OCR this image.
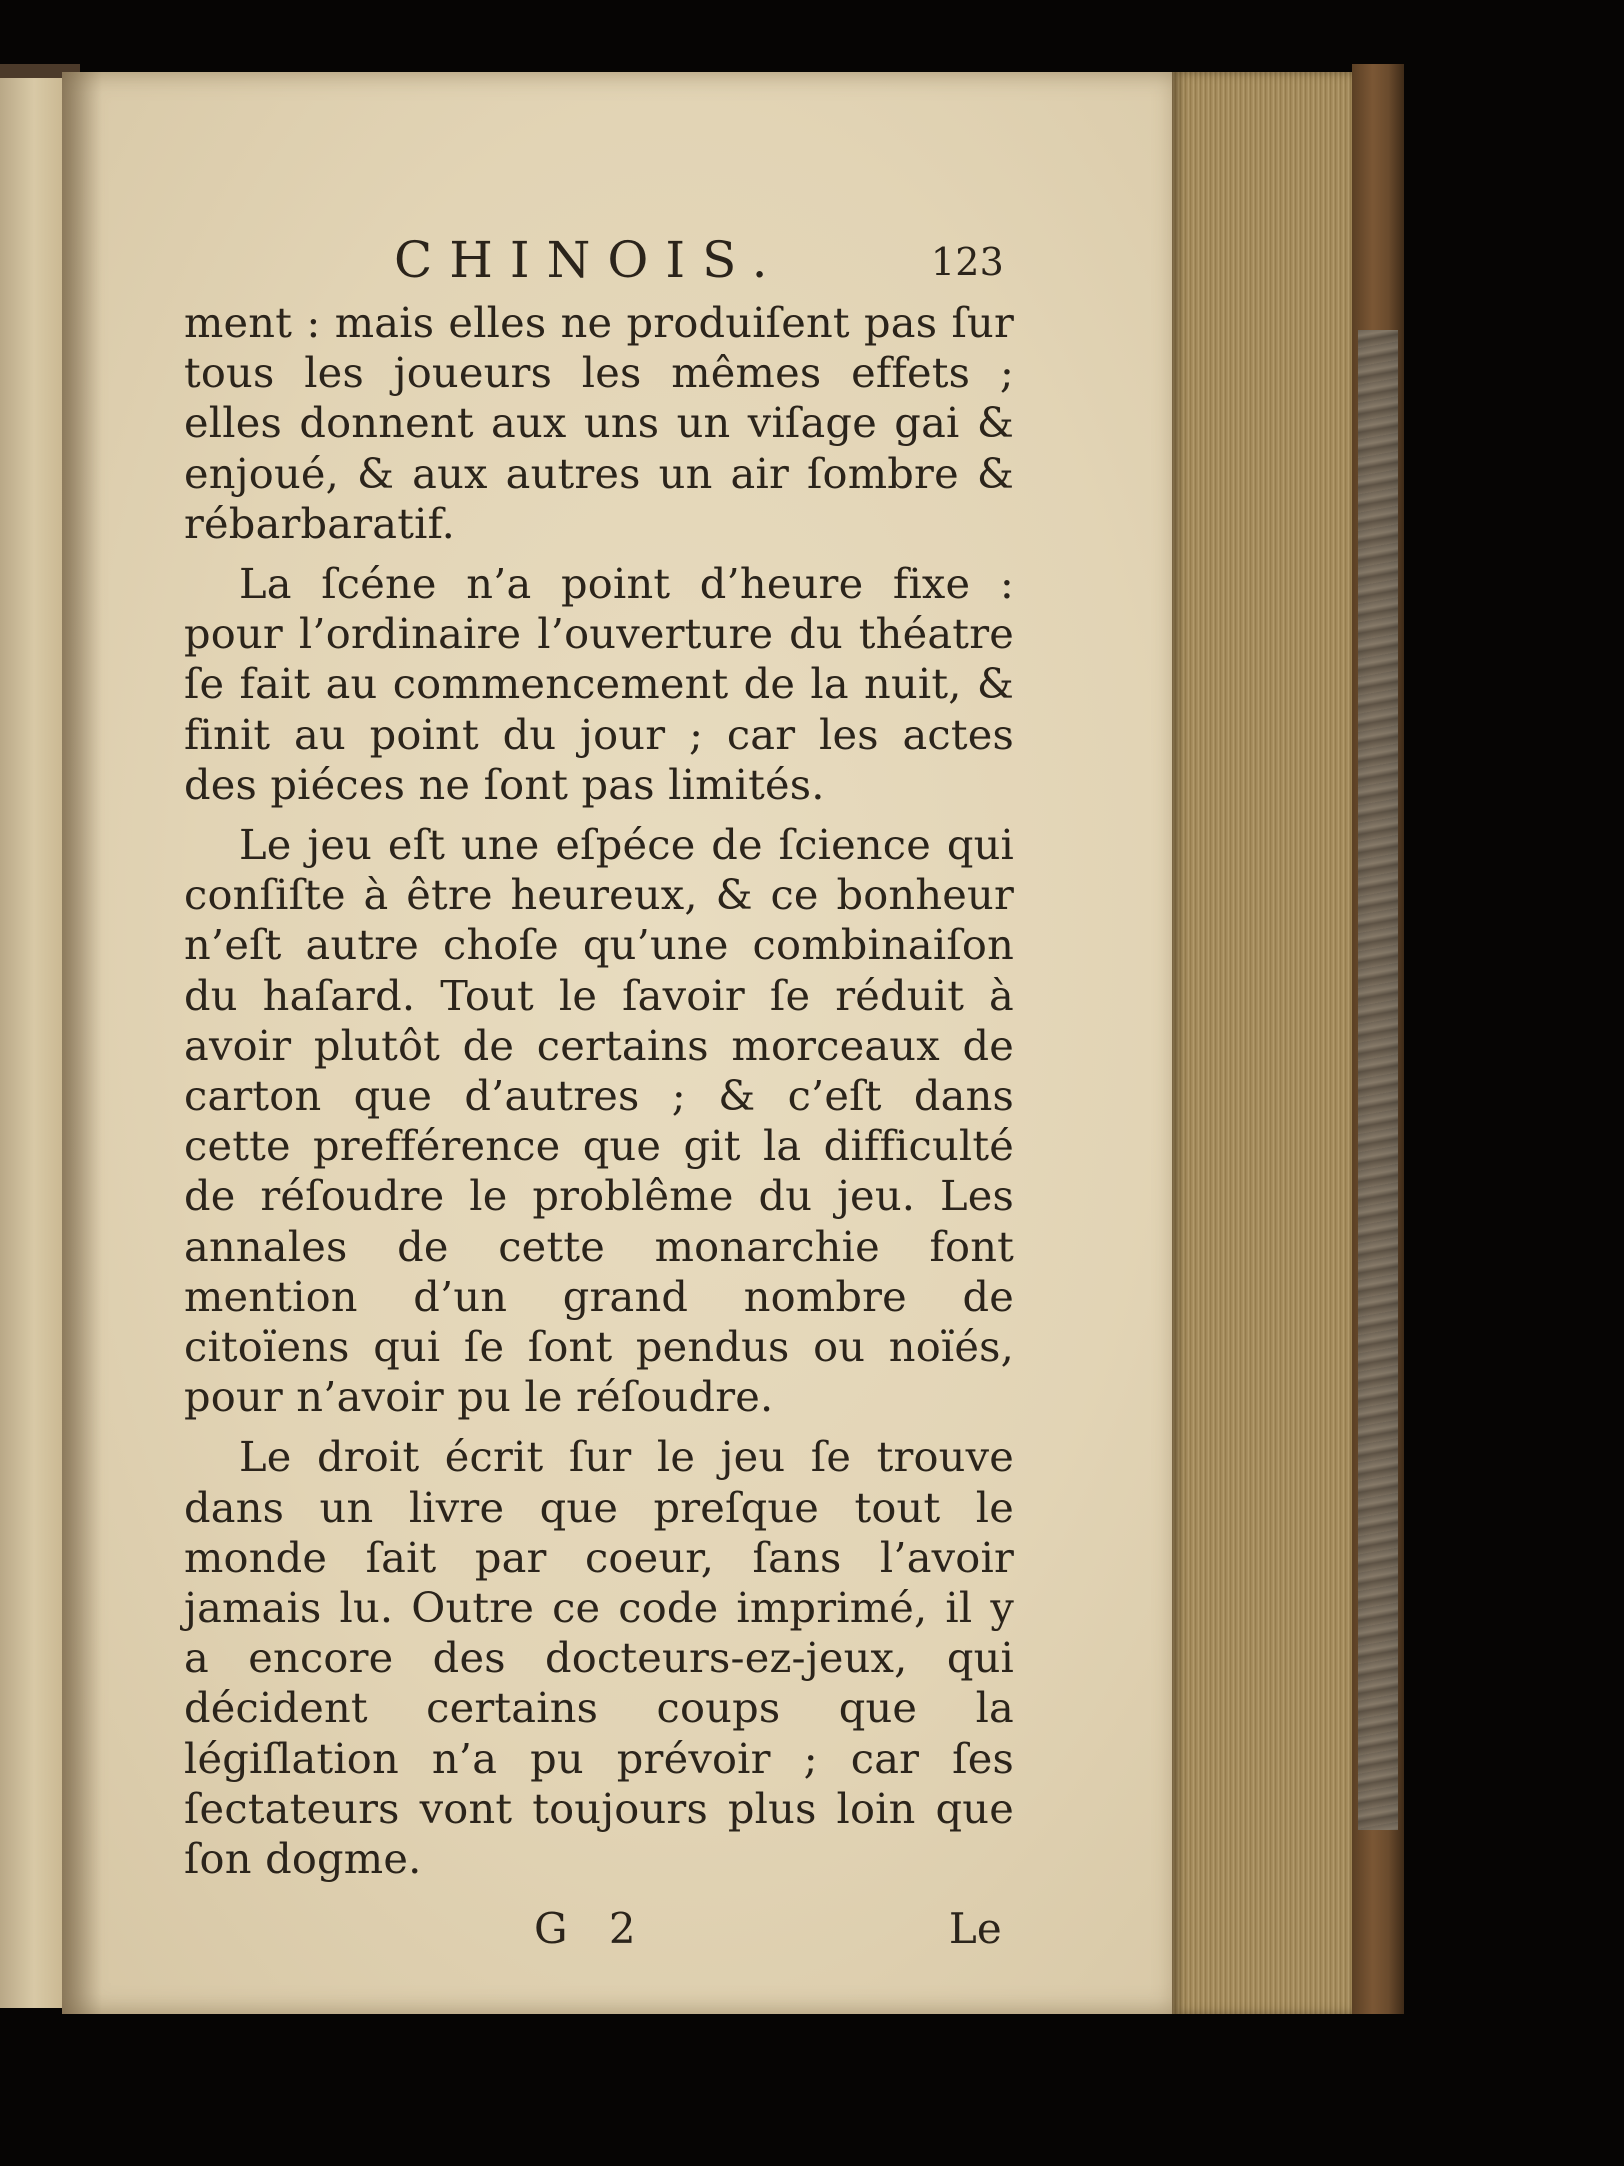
CHINOIS.	123

ment : mais elles ne produiſent pas ſur tous les joueurs les mêmes effets ; elles donnent aux uns un viſage gai & enjoué, & aux autres un air ſombre & rébarbaratif.

La ſcéne n’a point d’heure fixe : pour l’ordinaire l’ouverture du théatre ſe fait au commencement de la nuit, & finit au point du jour ; car les actes des piéces ne ſont pas limités.

Le jeu eſt une eſpéce de ſcience qui conſiſte à être heureux, & ce bonheur n’eſt autre choſe qu’une combinaiſon du haſard. Tout le ſavoir ſe réduit à avoir plutôt de certains morceaux de carton que d’autres ; & c’eſt dans cette prefférence que git la difficulté de réſoudre le problême du jeu. Les annales de cette monarchie font mention d’un grand nombre de citoïens qui ſe ſont pendus ou noïés, pour n’avoir pu le réſoudre.

Le droit écrit ſur le jeu ſe trouve dans un livre que preſque tout le monde ſait par coeur, ſans l’avoir jamais lu. Outre ce code imprimé, il y a encore des docteurs-ez-jeux, qui décident certains coups que la légiſlation n’a pu prévoir ; car ſes ſectateurs vont toujours plus loin que ſon dogme.

G 2	Le
